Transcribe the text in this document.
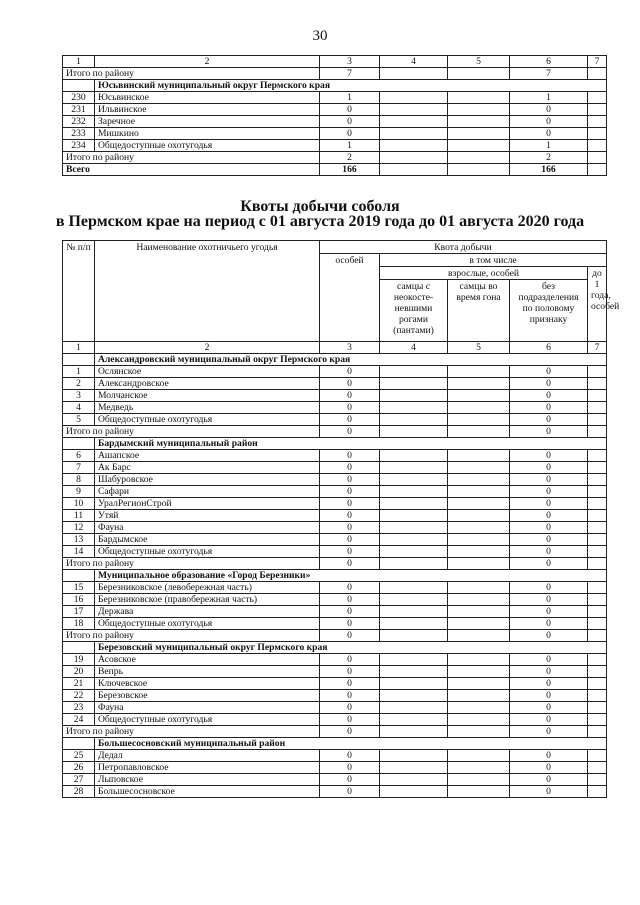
30
1	2	3	4	5	6	7
Итого по району		7			7	
	Юсьвинский муниципальный округ Пермского края					
230	Юсьвинское	1			1	
231	Ильвинское	0			0	
232	Заречное	0			0	
233	Мишкино	0			0	
234	Общедоступные охотугодья	1			1	
Итого по району		2			2	
Всего		166			166	
Квоты добычи соболя
в Пермском крае на период с 01 августа 2019 года до 01 августа 2020 года
№ п/п	Наименование охотничьего угодья	Квота добычи				
		особей	в том числе			
			взрослые, особей			до 1 года, особей
			самцы с неокосте-невшими рогами (пантами)	самцы во время гона	без подразделения по половому признаку	
1	2	3	4	5	6	7
	Александровский муниципальный округ Пермского края					
1	Ослянское	0			0	
2	Александровское	0			0	
3	Молчанское	0			0	
4	Медведь	0			0	
5	Общедоступные охотугодья	0			0	
Итого по району		0			0	
	Бардымский муниципальный район					
6	Ашапское	0			0	
7	Ак Барс	0			0	
8	Шабуровское	0			0	
9	Сафари	0			0	
10	УралРегионСтрой	0			0	
11	Утяй	0			0	
12	Фауна	0			0	
13	Бардымское	0			0	
14	Общедоступные охотугодья	0			0	
Итого по району		0			0	
	Муниципальное образование «Город Березники»					
15	Березниковское (левобережная часть)	0			0	
16	Березниковское (правобережная часть)	0			0	
17	Держава	0			0	
18	Общедоступные охотугодья	0			0	
Итого по району		0			0	
	Березовский муниципальный округ Пермского края					
19	Асовское	0			0	
20	Вепрь	0			0	
21	Ключевское	0			0	
22	Березовское	0			0	
23	Фауна	0			0	
24	Общедоступные охотугодья	0			0	
Итого по району		0			0	
	Большесосновский муниципальный район					
25	Дедал	0			0	
26	Петропавловское	0			0	
27	Лыповское	0			0	
28	Большесосновское	0			0	
